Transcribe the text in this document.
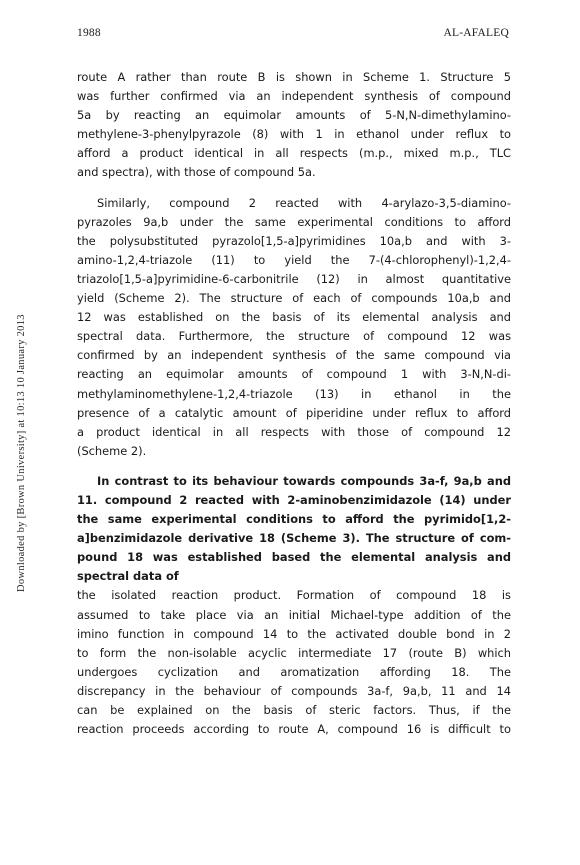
1988	AL-AFALEQ
Downloaded by [Brown University] at 10:13 10 January 2013

route A rather than route B is shown in Scheme 1. Structure 5
was further confirmed via an independent synthesis of compound
5a by reacting an equimolar amounts of 5-N,N-dimethylamino-
methylene-3-phenylpyrazole (8) with 1 in ethanol under reflux to
afford a product identical in all respects (m.p., mixed m.p., TLC
and spectra), with those of compound 5a.

Similarly, compound 2 reacted with 4-arylazo-3,5-diamino-
pyrazoles 9a,b under the same experimental conditions to afford
the polysubstituted pyrazolo[1,5-a]pyrimidines 10a,b and with 3-
amino-1,2,4-triazole (11) to yield the 7-(4-chlorophenyl)-1,2,4-
triazolo[1,5-a]pyrimidine-6-carbonitrile (12) in almost quantitative
yield (Scheme 2). The structure of each of compounds 10a,b and
12 was established on the basis of its elemental analysis and
spectral data. Furthermore, the structure of compound 12 was
confirmed by an independent synthesis of the same compound via
reacting an equimolar amounts of compound 1 with 3-N,N-di-
methylaminomethylene-1,2,4-triazole (13) in ethanol in the
presence of a catalytic amount of piperidine under reflux to afford
a product identical in all respects with those of compound 12
(Scheme 2).

In contrast to its behaviour towards compounds 3a-f, 9a,b and
11. compound 2 reacted with 2-aminobenzimidazole (14) under
the same experimental conditions to afford the pyrimido[1,2-
a]benzimidazole derivative 18 (Scheme 3). The structure of com-
pound 18 was established based the elemental analysis and
spectral data of

the isolated reaction product. Formation of compound 18 is
assumed to take place via an initial Michael-type addition of the
imino function in compound 14 to the activated double bond in 2
to form the non-isolable acyclic intermediate 17 (route B) which
undergoes cyclization and aromatization affording 18. The
discrepancy in the behaviour of compounds 3a-f, 9a,b, 11 and 14
can be explained on the basis of steric factors. Thus, if the
reaction proceeds according to route A, compound 16 is difficult to
